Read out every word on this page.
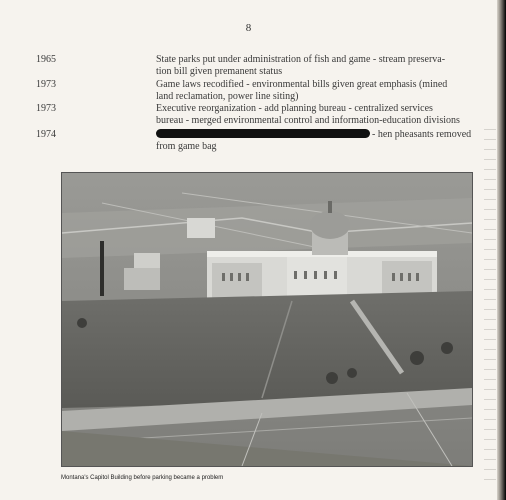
8
1965	State parks put under administration of fish and game - stream preserva-
tion bill given premanent status
1973	Game laws recodified - environmental bills given great emphasis (mined
land reclamation, power line siting)
1973	Executive reorganization - add planning bureau - centralized services
bureau - merged environmental control and information-education divisions
1974	- hen pheasants removed
from game bag
Montana's Capitol Building before parking became a problem
